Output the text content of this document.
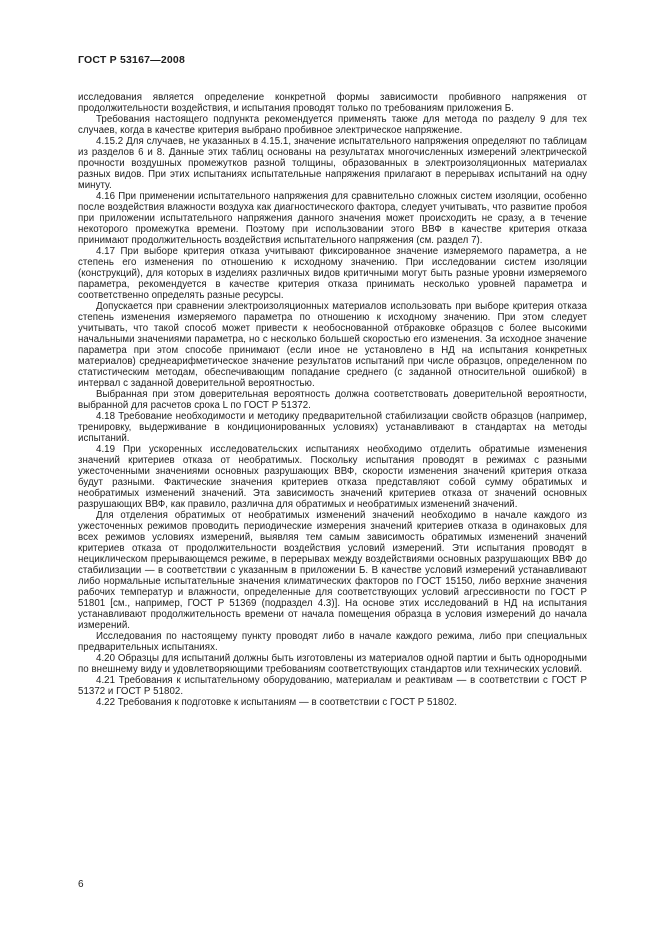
ГОСТ Р 53167—2008

исследования является определение конкретной формы зависимости пробивного напряжения от продолжительности воздействия, и испытания проводят только по требованиям приложения Б.

Требования настоящего подпункта рекомендуется применять также для метода по разделу 9 для тех случаев, когда в качестве критерия выбрано пробивное электрическое напряжение.

4.15.2 Для случаев, не указанных в 4.15.1, значение испытательного напряжения определяют по таблицам из разделов 6 и 8. Данные этих таблиц основаны на результатах многочисленных измерений электрической прочности воздушных промежутков разной толщины, образованных в электроизоляционных материалах разных видов. При этих испытаниях испытательные напряжения прилагают в перерывах испытаний на одну минуту.

4.16 При применении испытательного напряжения для сравнительно сложных систем изоляции, особенно после воздействия влажности воздуха как диагностического фактора, следует учитывать, что развитие пробоя при приложении испытательного напряжения данного значения может происходить не сразу, а в течение некоторого промежутка времени. Поэтому при использовании этого ВВФ в качестве критерия отказа принимают продолжительность воздействия испытательного напряжения (см. раздел 7).

4.17 При выборе критерия отказа учитывают фиксированное значение измеряемого параметра, а не степень его изменения по отношению к исходному значению. При исследовании систем изоляции (конструкций), для которых в изделиях различных видов критичными могут быть разные уровни измеряемого параметра, рекомендуется в качестве критерия отказа принимать несколько уровней параметра и соответственно определять разные ресурсы.

Допускается при сравнении электроизоляционных материалов использовать при выборе критерия отказа степень изменения измеряемого параметра по отношению к исходному значению. При этом следует учитывать, что такой способ может привести к необоснованной отбраковке образцов с более высокими начальными значениями параметра, но с несколько большей скоростью его изменения. За исходное значение параметра при этом способе принимают (если иное не установлено в НД на испытания конкретных материалов) среднеарифметическое значение результатов испытаний при числе образцов, определенном по статистическим методам, обеспечивающим попадание среднего (с заданной относительной ошибкой) в интервал с заданной доверительной вероятностью.

Выбранная при этом доверительная вероятность должна соответствовать доверительной вероятности, выбранной для расчетов срока L по ГОСТ Р 51372.

4.18 Требование необходимости и методику предварительной стабилизации свойств образцов (например, тренировку, выдерживание в кондиционированных условиях) устанавливают в стандартах на методы испытаний.

4.19 При ускоренных исследовательских испытаниях необходимо отделить обратимые изменения значений критериев отказа от необратимых. Поскольку испытания проводят в режимах с разными ужесточенными значениями основных разрушающих ВВФ, скорости изменения значений критерия отказа будут разными. Фактические значения критериев отказа представляют собой сумму обратимых и необратимых изменений значений. Эта зависимость значений критериев отказа от значений основных разрушающих ВВФ, как правило, различна для обратимых и необратимых изменений значений.

Для отделения обратимых от необратимых изменений значений необходимо в начале каждого из ужесточенных режимов проводить периодические измерения значений критериев отказа в одинаковых для всех режимов условиях измерений, выявляя тем самым зависимость обратимых изменений значений критериев отказа от продолжительности воздействия условий измерений. Эти испытания проводят в нециклическом прерывающемся режиме, в перерывах между воздействиями основных разрушающих ВВФ до стабилизации — в соответствии с указанным в приложении Б. В качестве условий измерений устанавливают либо нормальные испытательные значения климатических факторов по ГОСТ 15150, либо верхние значения рабочих температур и влажности, определенные для соответствующих условий агрессивности по ГОСТ Р 51801 [см., например, ГОСТ Р 51369 (подраздел 4.3)]. На основе этих исследований в НД на испытания устанавливают продолжительность времени от начала помещения образца в условия измерений до начала измерений.

Исследования по настоящему пункту проводят либо в начале каждого режима, либо при специальных предварительных испытаниях.

4.20 Образцы для испытаний должны быть изготовлены из материалов одной партии и быть однородными по внешнему виду и удовлетворяющими требованиям соответствующих стандартов или технических условий.

4.21 Требования к испытательному оборудованию, материалам и реактивам — в соответствии с ГОСТ Р 51372 и ГОСТ Р 51802.

4.22 Требования к подготовке к испытаниям — в соответствии с ГОСТ Р 51802.

6
